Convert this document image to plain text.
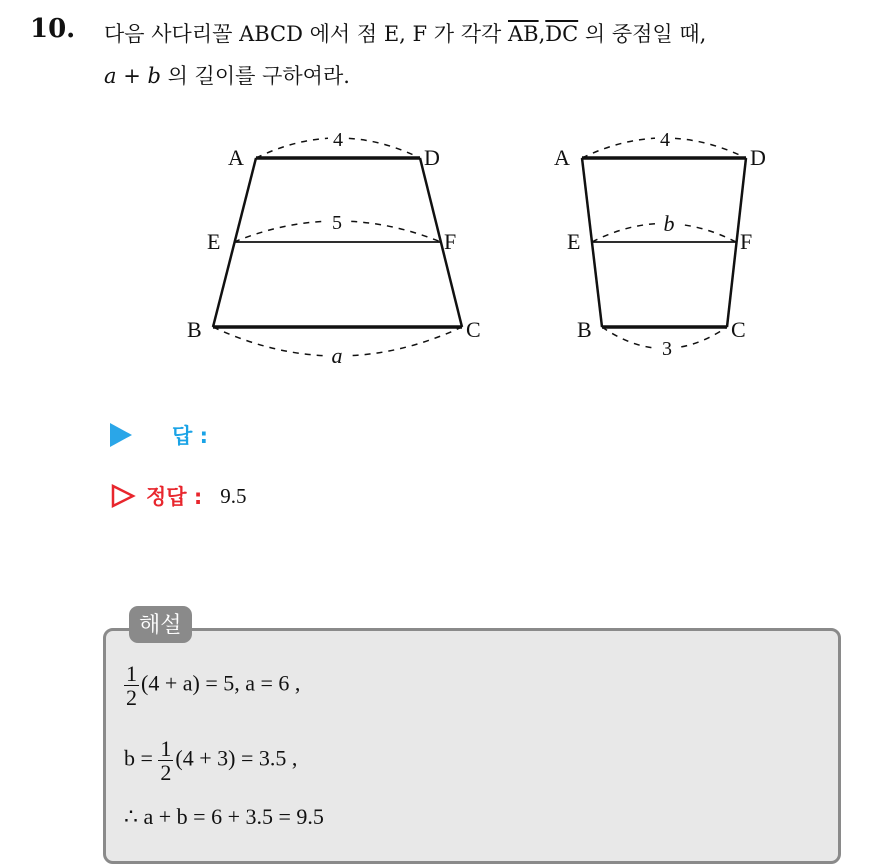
10. 다음 사다리꼴 ABCD 에서 점 E, F 가 각각 $\overline{AB},\overline{DC}$ 의 중점일 때,
a + b 의 길이를 구하여라.
4
5
a
A	D
E	F
B	C
4
b
3
A	D
E	F
B	C
답 :
정답 : 9.5
해설
$\frac{1}{2} (4 + a) = 5$, a = 6 ,
$b = \frac{1}{2} (4 + 3) = 3.5$ ,
∴ a + b = 6 + 3.5 = 9.5
